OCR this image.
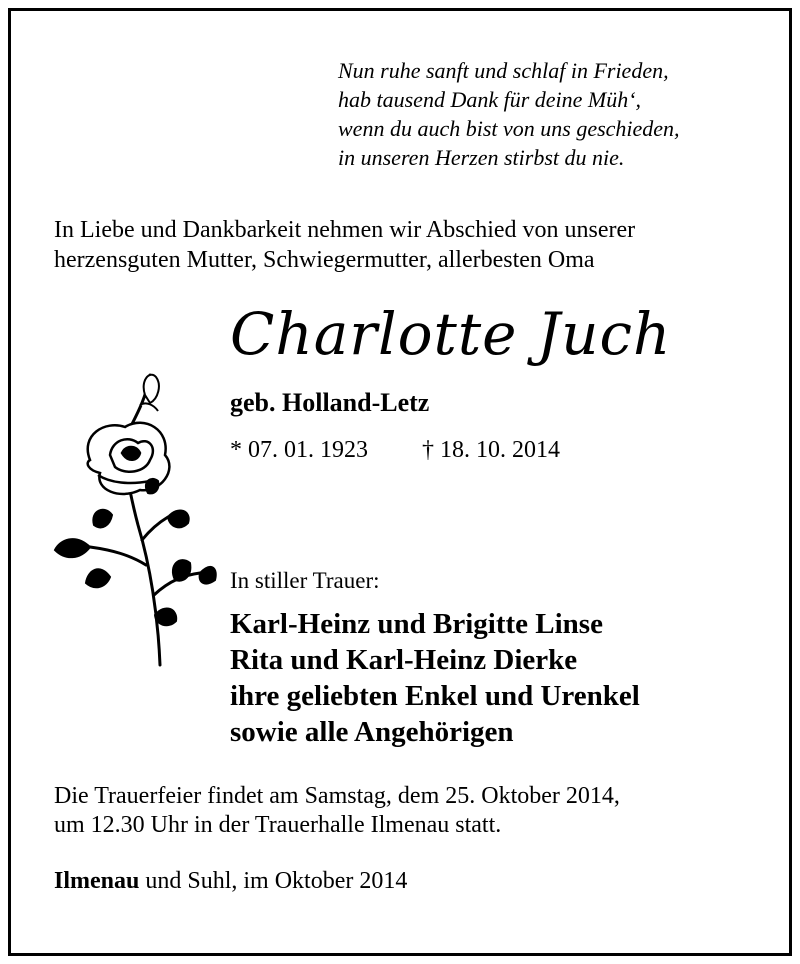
Nun ruhe sanft und schlaf in Frieden,
hab tausend Dank für deine Müh‘,
wenn du auch bist von uns geschieden,
in unseren Herzen stirbst du nie.
In Liebe und Dankbarkeit nehmen wir Abschied von unserer
herzensguten Mutter, Schwiegermutter, allerbesten Oma
Charlotte Juch
geb. Holland-Letz
* 07. 01. 1923 † 18. 10. 2014
In stiller Trauer:
Karl-Heinz und Brigitte Linse
Rita und Karl-Heinz Dierke
ihre geliebten Enkel und Urenkel
sowie alle Angehörigen
Die Trauerfeier findet am Samstag, dem 25. Oktober 2014,
um 12.30 Uhr in der Trauerhalle Ilmenau statt.
Ilmenau und Suhl, im Oktober 2014
